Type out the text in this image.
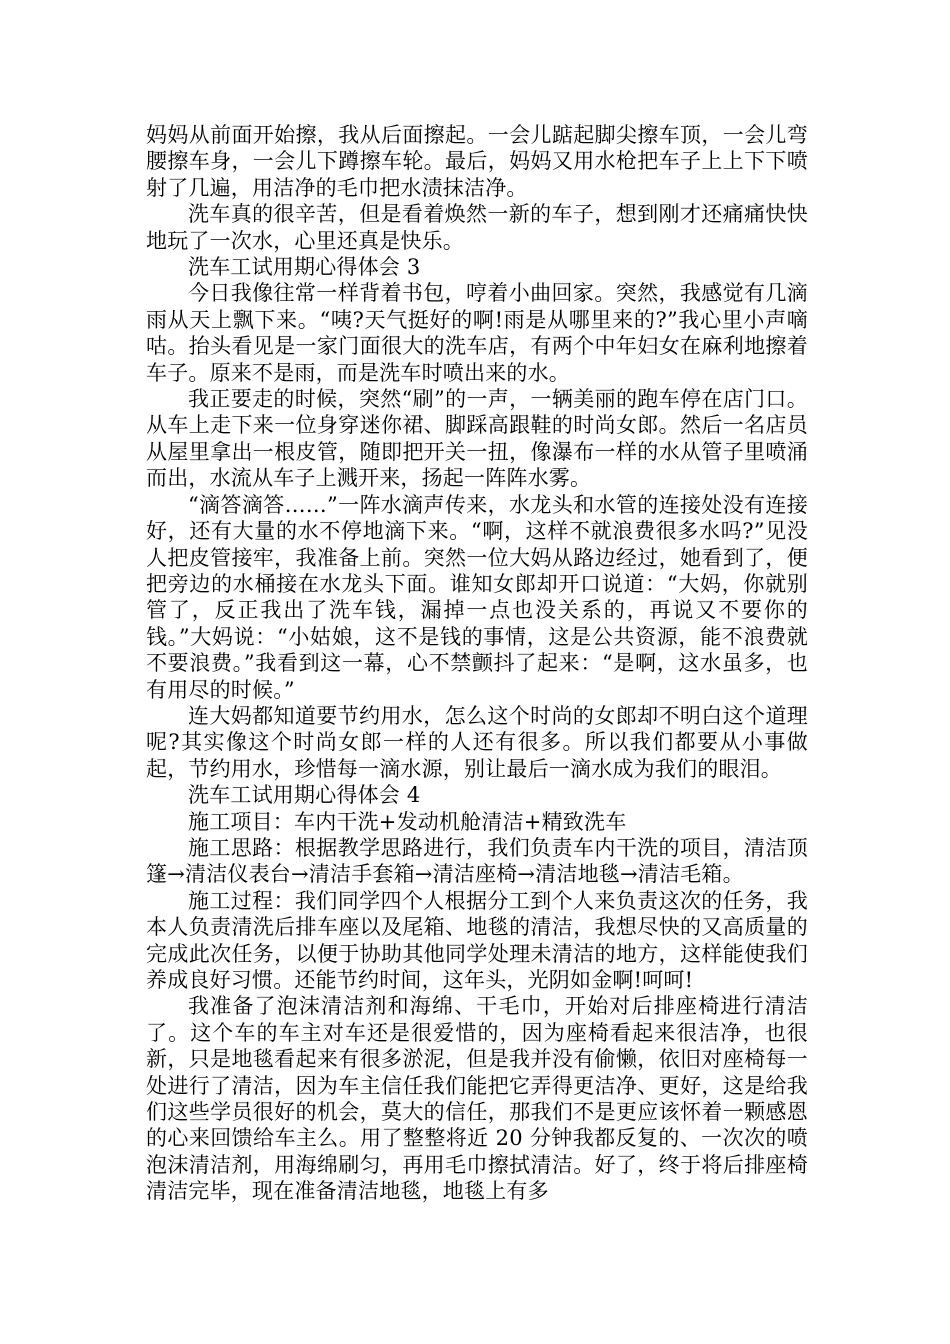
妈妈从前面开始擦，我从后面擦起。一会儿踮起脚尖擦车顶，一会儿弯腰擦车身，一会儿下蹲擦车轮。最后，妈妈又用水枪把车子上上下下喷射了几遍，用洁净的毛巾把水渍抹洁净。

洗车真的很辛苦，但是看着焕然一新的车子，想到刚才还痛痛快快地玩了一次水，心里还真是快乐。

洗车工试用期心得体会 3

今日我像往常一样背着书包，哼着小曲回家。突然，我感觉有几滴雨从天上飘下来。“咦?天气挺好的啊!雨是从哪里来的?”我心里小声嘀咕。抬头看见是一家门面很大的洗车店，有两个中年妇女在麻利地擦着车子。原来不是雨，而是洗车时喷出来的水。

我正要走的时候，突然“刷”的一声，一辆美丽的跑车停在店门口。从车上走下来一位身穿迷你裙、脚踩高跟鞋的时尚女郎。然后一名店员从屋里拿出一根皮管，随即把开关一扭，像瀑布一样的水从管子里喷涌而出，水流从车子上溅开来，扬起一阵阵水雾。

“滴答滴答……”一阵水滴声传来，水龙头和水管的连接处没有连接好，还有大量的水不停地滴下来。“啊，这样不就浪费很多水吗?”见没人把皮管接牢，我准备上前。突然一位大妈从路边经过，她看到了，便把旁边的水桶接在水龙头下面。谁知女郎却开口说道：“大妈，你就别管了，反正我出了洗车钱，漏掉一点也没关系的，再说又不要你的钱。”大妈说：“小姑娘，这不是钱的事情，这是公共资源，能不浪费就不要浪费。”我看到这一幕，心不禁颤抖了起来：“是啊，这水虽多，也有用尽的时候。”

连大妈都知道要节约用水，怎么这个时尚的女郎却不明白这个道理呢?其实像这个时尚女郎一样的人还有很多。所以我们都要从小事做起，节约用水，珍惜每一滴水源，别让最后一滴水成为我们的眼泪。

洗车工试用期心得体会 4

施工项目：车内干洗+发动机舱清洁+精致洗车

施工思路：根据教学思路进行，我们负责车内干洗的项目，清洁顶篷→清洁仪表台→清洁手套箱→清洁座椅→清洁地毯→清洁毛箱。

施工过程：我们同学四个人根据分工到个人来负责这次的任务，我本人负责清洗后排车座以及尾箱、地毯的清洁，我想尽快的又高质量的完成此次任务，以便于协助其他同学处理未清洁的地方，这样能使我们养成良好习惯。还能节约时间，这年头，光阴如金啊!呵呵!

我准备了泡沫清洁剂和海绵、干毛巾，开始对后排座椅进行清洁了。这个车的车主对车还是很爱惜的，因为座椅看起来很洁净，也很新，只是地毯看起来有很多淤泥，但是我并没有偷懒，依旧对座椅每一处进行了清洁，因为车主信任我们能把它弄得更洁净、更好，这是给我们这些学员很好的机会，莫大的信任，那我们不是更应该怀着一颗感恩的心来回馈给车主么。用了整整将近 20 分钟我都反复的、一次次的喷泡沫清洁剂，用海绵刷匀，再用毛巾擦拭清洁。好了，终于将后排座椅清洁完毕，现在准备清洁地毯，地毯上有多
